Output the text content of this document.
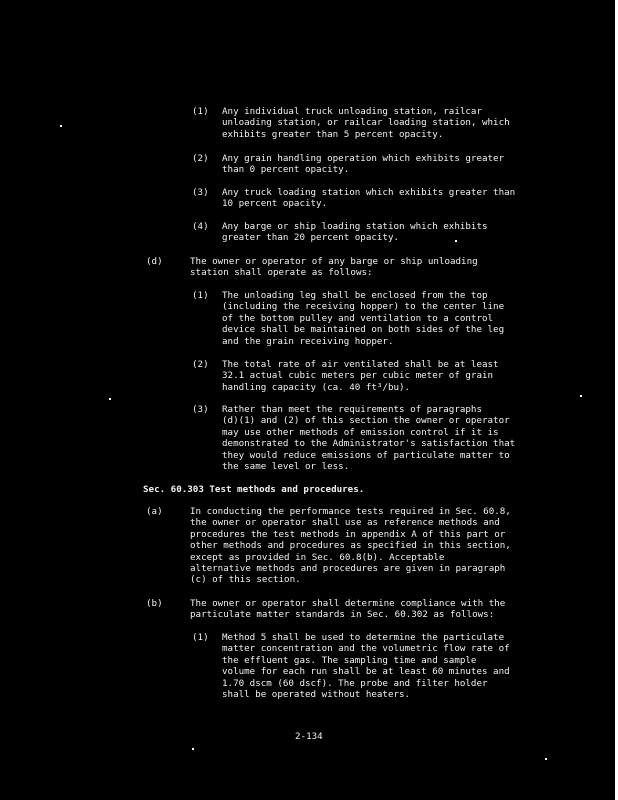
(1) Any individual truck unloading station, railcar
unloading station, or railcar loading station, which
exhibits greater than 5 percent opacity.
(2) Any grain handling operation which exhibits greater
than 0 percent opacity.
(3) Any truck loading station which exhibits greater than
10 percent opacity.
(4) Any barge or ship loading station which exhibits
greater than 20 percent opacity.
(d)	The owner or operator of any barge or ship unloading
station shall operate as follows:
(1) The unloading leg shall be enclosed from the top
(including the receiving hopper) to the center line
of the bottom pulley and ventilation to a control
device shall be maintained on both sides of the leg
and the grain receiving hopper.
(2) The total rate of air ventilated shall be at least
32.1 actual cubic meters per cubic meter of grain
handling capacity (ca. 40 ft³/bu).
(3) Rather than meet the requirements of paragraphs
(d)(1) and (2) of this section the owner or operator
may use other methods of emission control if it is
demonstrated to the Administrator's satisfaction that
they would reduce emissions of particulate matter to
the same level or less.
Sec. 60.303 Test methods and procedures.
(a)	In conducting the performance tests required in Sec. 60.8,
the owner or operator shall use as reference methods and
procedures the test methods in appendix A of this part or
other methods and procedures as specified in this section,
except as provided in Sec. 60.8(b). Acceptable
alternative methods and procedures are given in paragraph
(c) of this section.
(b)	The owner or operator shall determine compliance with the
particulate matter standards in Sec. 60.302 as follows:
(1) Method 5 shall be used to determine the particulate
matter concentration and the volumetric flow rate of
the effluent gas. The sampling time and sample
volume for each run shall be at least 60 minutes and
1.70 dscm (60 dscf). The probe and filter holder
shall be operated without heaters.
2-134
